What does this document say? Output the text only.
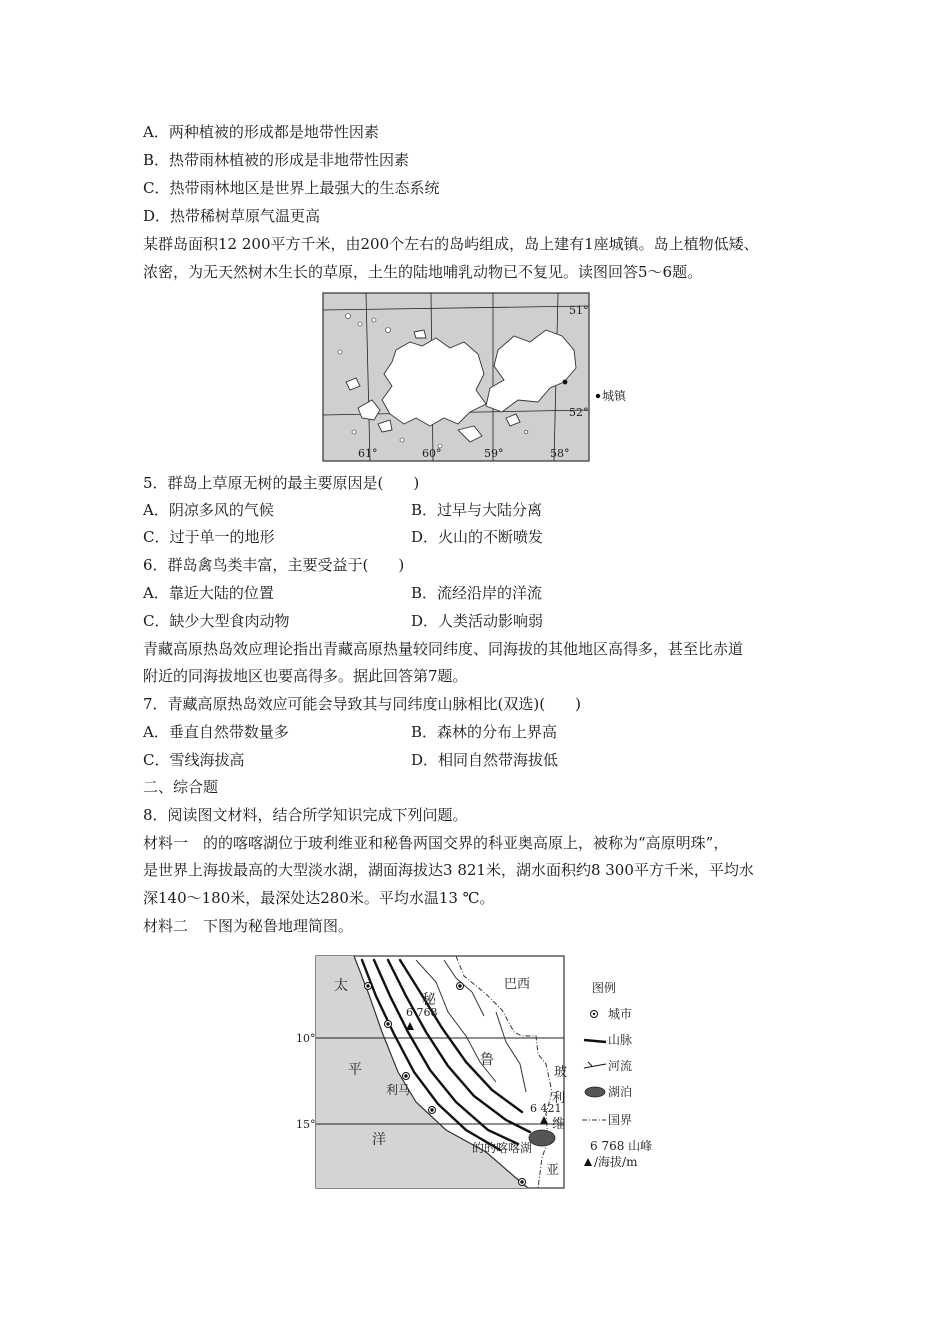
A．两种植被的形成都是地带性因素
B．热带雨林植被的形成是非地带性因素
C．热带雨林地区是世界上最强大的生态系统
D．热带稀树草原气温更高
某群岛面积12 200平方千米，由200个左右的岛屿组成，岛上建有1座城镇。岛上植物低矮、
浓密，为无天然树木生长的草原，土生的陆地哺乳动物已不复见。读图回答5～6题。
51°
52°
61°	60°	59°	58°
城镇
5．群岛上草原无树的最主要原因是(　　)
A．阴凉多风的气候	B．过早与大陆分离
C．过于单一的地形	D．火山的不断喷发
6．群岛禽鸟类丰富，主要受益于(　　)
A．靠近大陆的位置	B．流经沿岸的洋流
C．缺少大型食肉动物	D．人类活动影响弱
青藏高原热岛效应理论指出青藏高原热量较同纬度、同海拔的其他地区高得多，甚至比赤道
附近的同海拔地区也要高得多。据此回答第7题。
7．青藏高原热岛效应可能会导致其与同纬度山脉相比(双选)(　　)
A．垂直自然带数量多	B．森林的分布上界高
C．雪线海拔高	D．相同自然带海拔低
二、综合题
8．阅读图文材料，结合所学知识完成下列问题。
材料一　的的喀喀湖位于玻利维亚和秘鲁两国交界的科亚奥高原上，被称为“高原明珠”，
是世界上海拔最高的大型淡水湖，湖面海拔达3 821米，湖水面积约8 300平方千米，平均水
深140～180米，最深处达280米。平均水温13 ℃。
材料二　下图为秘鲁地理简图。
10°
15°
太
平
洋
秘
鲁
巴西
玻
利
维
亚
利马
6 768
6 421
的的喀喀湖
图例
城市
山脉
河流
湖泊
国界
6 768 山峰
/海拔/m
